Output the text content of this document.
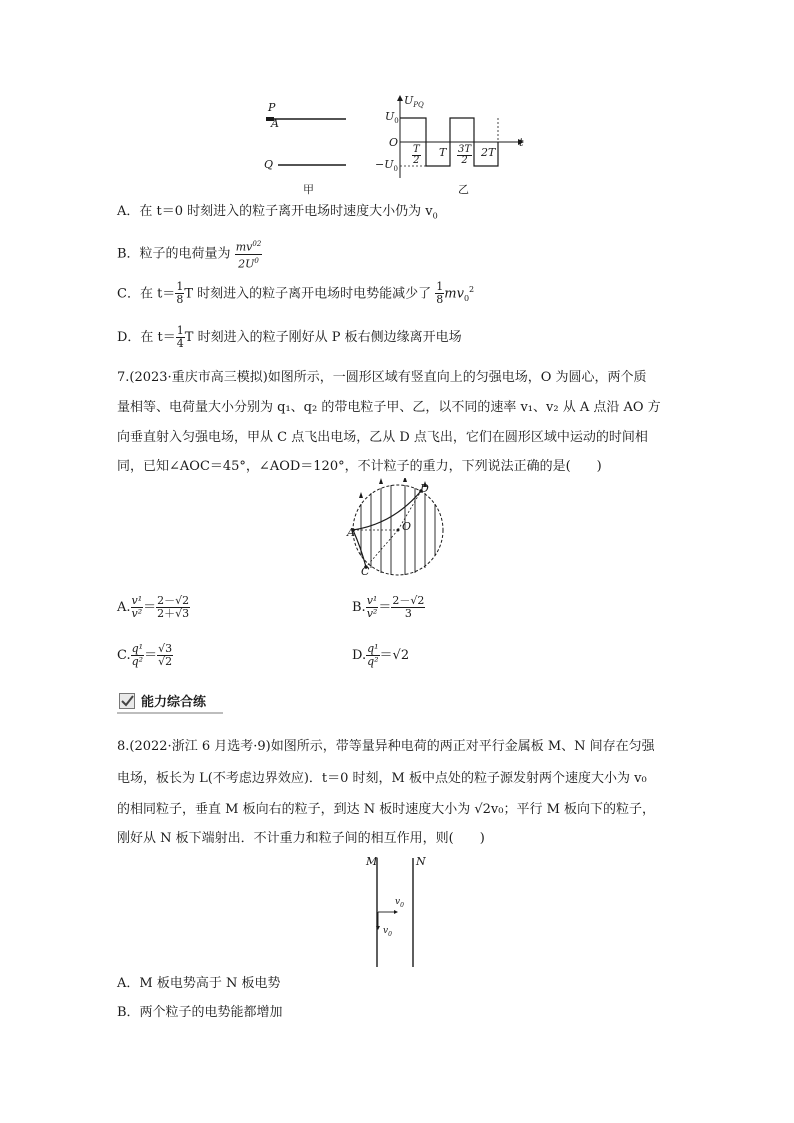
P
A
Q
甲
$U_{PQ}$
$U_0$
O
$-U_0$
t
$\frac{T}{2}$ T $\frac{3T}{2} 2T$
乙
A．在 t＝0 时刻进入的粒子离开电场时速度大小仍为 $v_0$
B．粒子的电荷量为 $\frac{mv^{02}}{2U^0}$
C．在 $t= \frac{1}{8}$ T 时刻进入的粒子离开电场时电势能减少了 $\frac{1}{8} mv_0^2$
D．在 $t= \frac{1}{4}$ T 时刻进入的粒子刚好从 P 板右侧边缘离开电场
7.(2023·重庆市高三模拟)如图所示，一圆形区域有竖直向上的匀强电场，O 为圆心，两个质
量相等、电荷量大小分别为 q₁、q₂ 的带电粒子甲、乙，以不同的速率 v₁、v₂ 从 A 点沿 AO 方
向垂直射入匀强电场，甲从 C 点飞出电场，乙从 D 点飞出，它们在圆形区域中运动的时间相
同，已知∠AOC＝45°，∠AOD＝120°，不计粒子的重力，下列说法正确的是(　　)
A
C
D
O
A. $\frac{\text{v¹}}{\text{v²}} = \frac{2-√2}{2+√3}$	B. $\frac{\text{v¹}}{\text{v²}} = \frac{2-√2}{3}$
C. $\frac{\text{q¹}}{\text{q²}} = \frac{√3}{√2}$	D. $\frac{\text{q¹}}{\text{q²}} =√2$
能力综合练
8.(2022·浙江 6 月选考·9)如图所示，带等量异种电荷的两正对平行金属板 M、N 间存在匀强
电场，板长为 L(不考虑边界效应)．t＝0 时刻，M 板中点处的粒子源发射两个速度大小为 v₀
的相同粒子，垂直 M 板向右的粒子，到达 N 板时速度大小为 √2v₀；平行 M 板向下的粒子，
刚好从 N 板下端射出．不计重力和粒子间的相互作用，则(　　)
M	N
$v_0$
$v_0$
A．M 板电势高于 N 板电势
B．两个粒子的电势能都增加
